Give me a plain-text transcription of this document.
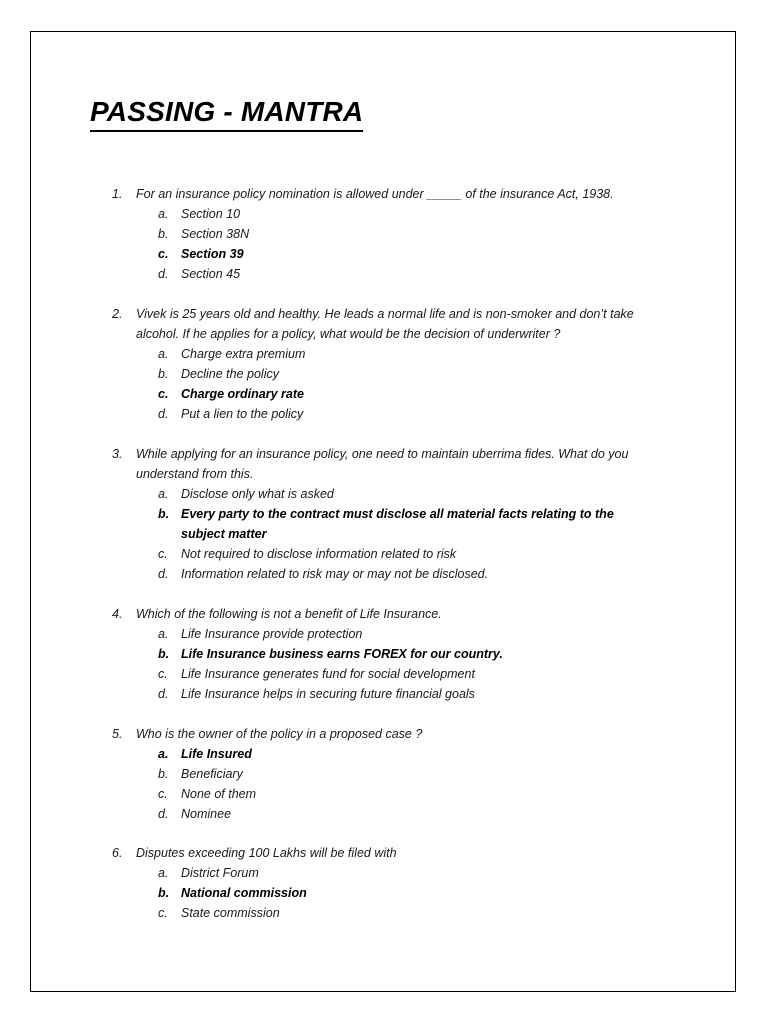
PASSING - MANTRA
1. For an insurance policy nomination is allowed under _____ of the insurance Act, 1938.

a. Section 10
b. Section 38N
c. Section 39
d. Section 45
2. Vivek is 25 years old and healthy. He leads a normal life and is non-smoker and don’t take alcohol. If he applies for a policy, what would be the decision of underwriter ?

a. Charge extra premium
b. Decline the policy
c. Charge ordinary rate
d. Put a lien to the policy
3. While applying for an insurance policy, one need to maintain uberrima fides. What do you understand from this.

a. Disclose only what is asked
b. Every party to the contract must disclose all material facts relating to the subject matter
c. Not required to disclose information related to risk
d. Information related to risk may or may not be disclosed.
4. Which of the following is not a benefit of Life Insurance.

a. Life Insurance provide protection
b. Life Insurance business earns FOREX for our country.
c. Life Insurance generates fund for social development
d. Life Insurance helps in securing future financial goals
5. Who is the owner of the policy in a proposed case ?

a. Life Insured
b. Beneficiary
c. None of them
d. Nominee
6. Disputes exceeding 100 Lakhs will be filed with

a. District Forum
b. National commission
c. State commission
